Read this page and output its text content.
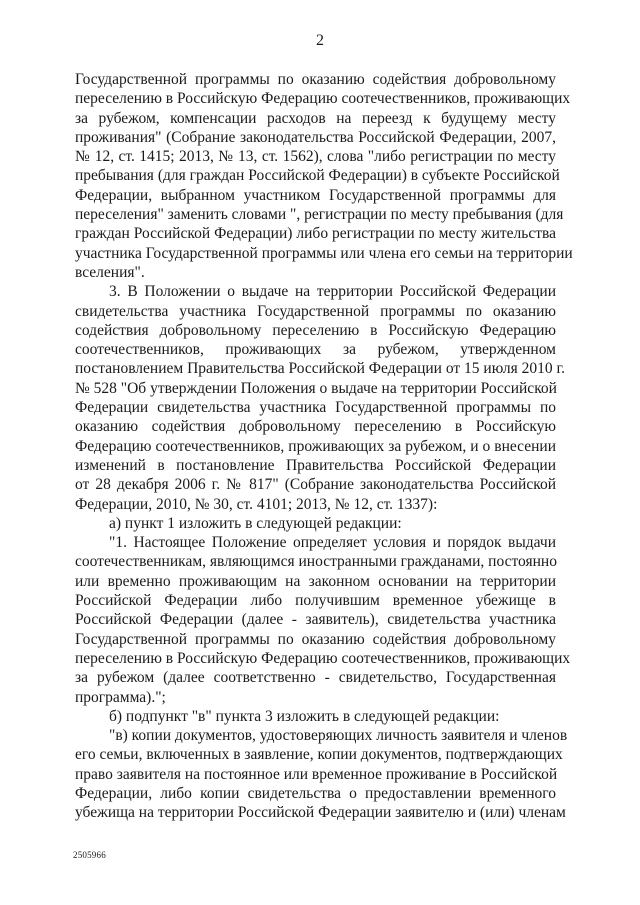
2
Государственной программы по оказанию содействия добровольному
переселению в Российскую Федерацию соотечественников, проживающих
за рубежом, компенсации расходов на переезд к будущему месту
проживания" (Собрание законодательства Российской Федерации, 2007,
№ 12, ст. 1415; 2013, № 13, ст. 1562), слова "либо регистрации по месту
пребывания (для граждан Российской Федерации) в субъекте Российской
Федерации, выбранном участником Государственной программы для
переселения" заменить словами ", регистрации по месту пребывания (для
граждан Российской Федерации) либо регистрации по месту жительства
участника Государственной программы или члена его семьи на территории
вселения".
3. В Положении о выдаче на территории Российской Федерации
свидетельства участника Государственной программы по оказанию
содействия добровольному переселению в Российскую Федерацию
соотечественников, проживающих за рубежом, утвержденном
постановлением Правительства Российской Федерации от 15 июля 2010 г.
№ 528 "Об утверждении Положения о выдаче на территории Российской
Федерации свидетельства участника Государственной программы по
оказанию содействия добровольному переселению в Российскую
Федерацию соотечественников, проживающих за рубежом, и о внесении
изменений в постановление Правительства Российской Федерации
от 28 декабря 2006 г. № 817" (Собрание законодательства Российской
Федерации, 2010, № 30, ст. 4101; 2013, № 12, ст. 1337):
а) пункт 1 изложить в следующей редакции:
"1. Настоящее Положение определяет условия и порядок выдачи
соотечественникам, являющимся иностранными гражданами, постоянно
или временно проживающим на законном основании на территории
Российской Федерации либо получившим временное убежище в
Российской Федерации (далее - заявитель), свидетельства участника
Государственной программы по оказанию содействия добровольному
переселению в Российскую Федерацию соотечественников, проживающих
за рубежом (далее соответственно - свидетельство, Государственная
программа).";
б) подпункт "в" пункта 3 изложить в следующей редакции:
"в) копии документов, удостоверяющих личность заявителя и членов
его семьи, включенных в заявление, копии документов, подтверждающих
право заявителя на постоянное или временное проживание в Российской
Федерации, либо копии свидетельства о предоставлении временного
убежища на территории Российской Федерации заявителю и (или) членам
2505966
